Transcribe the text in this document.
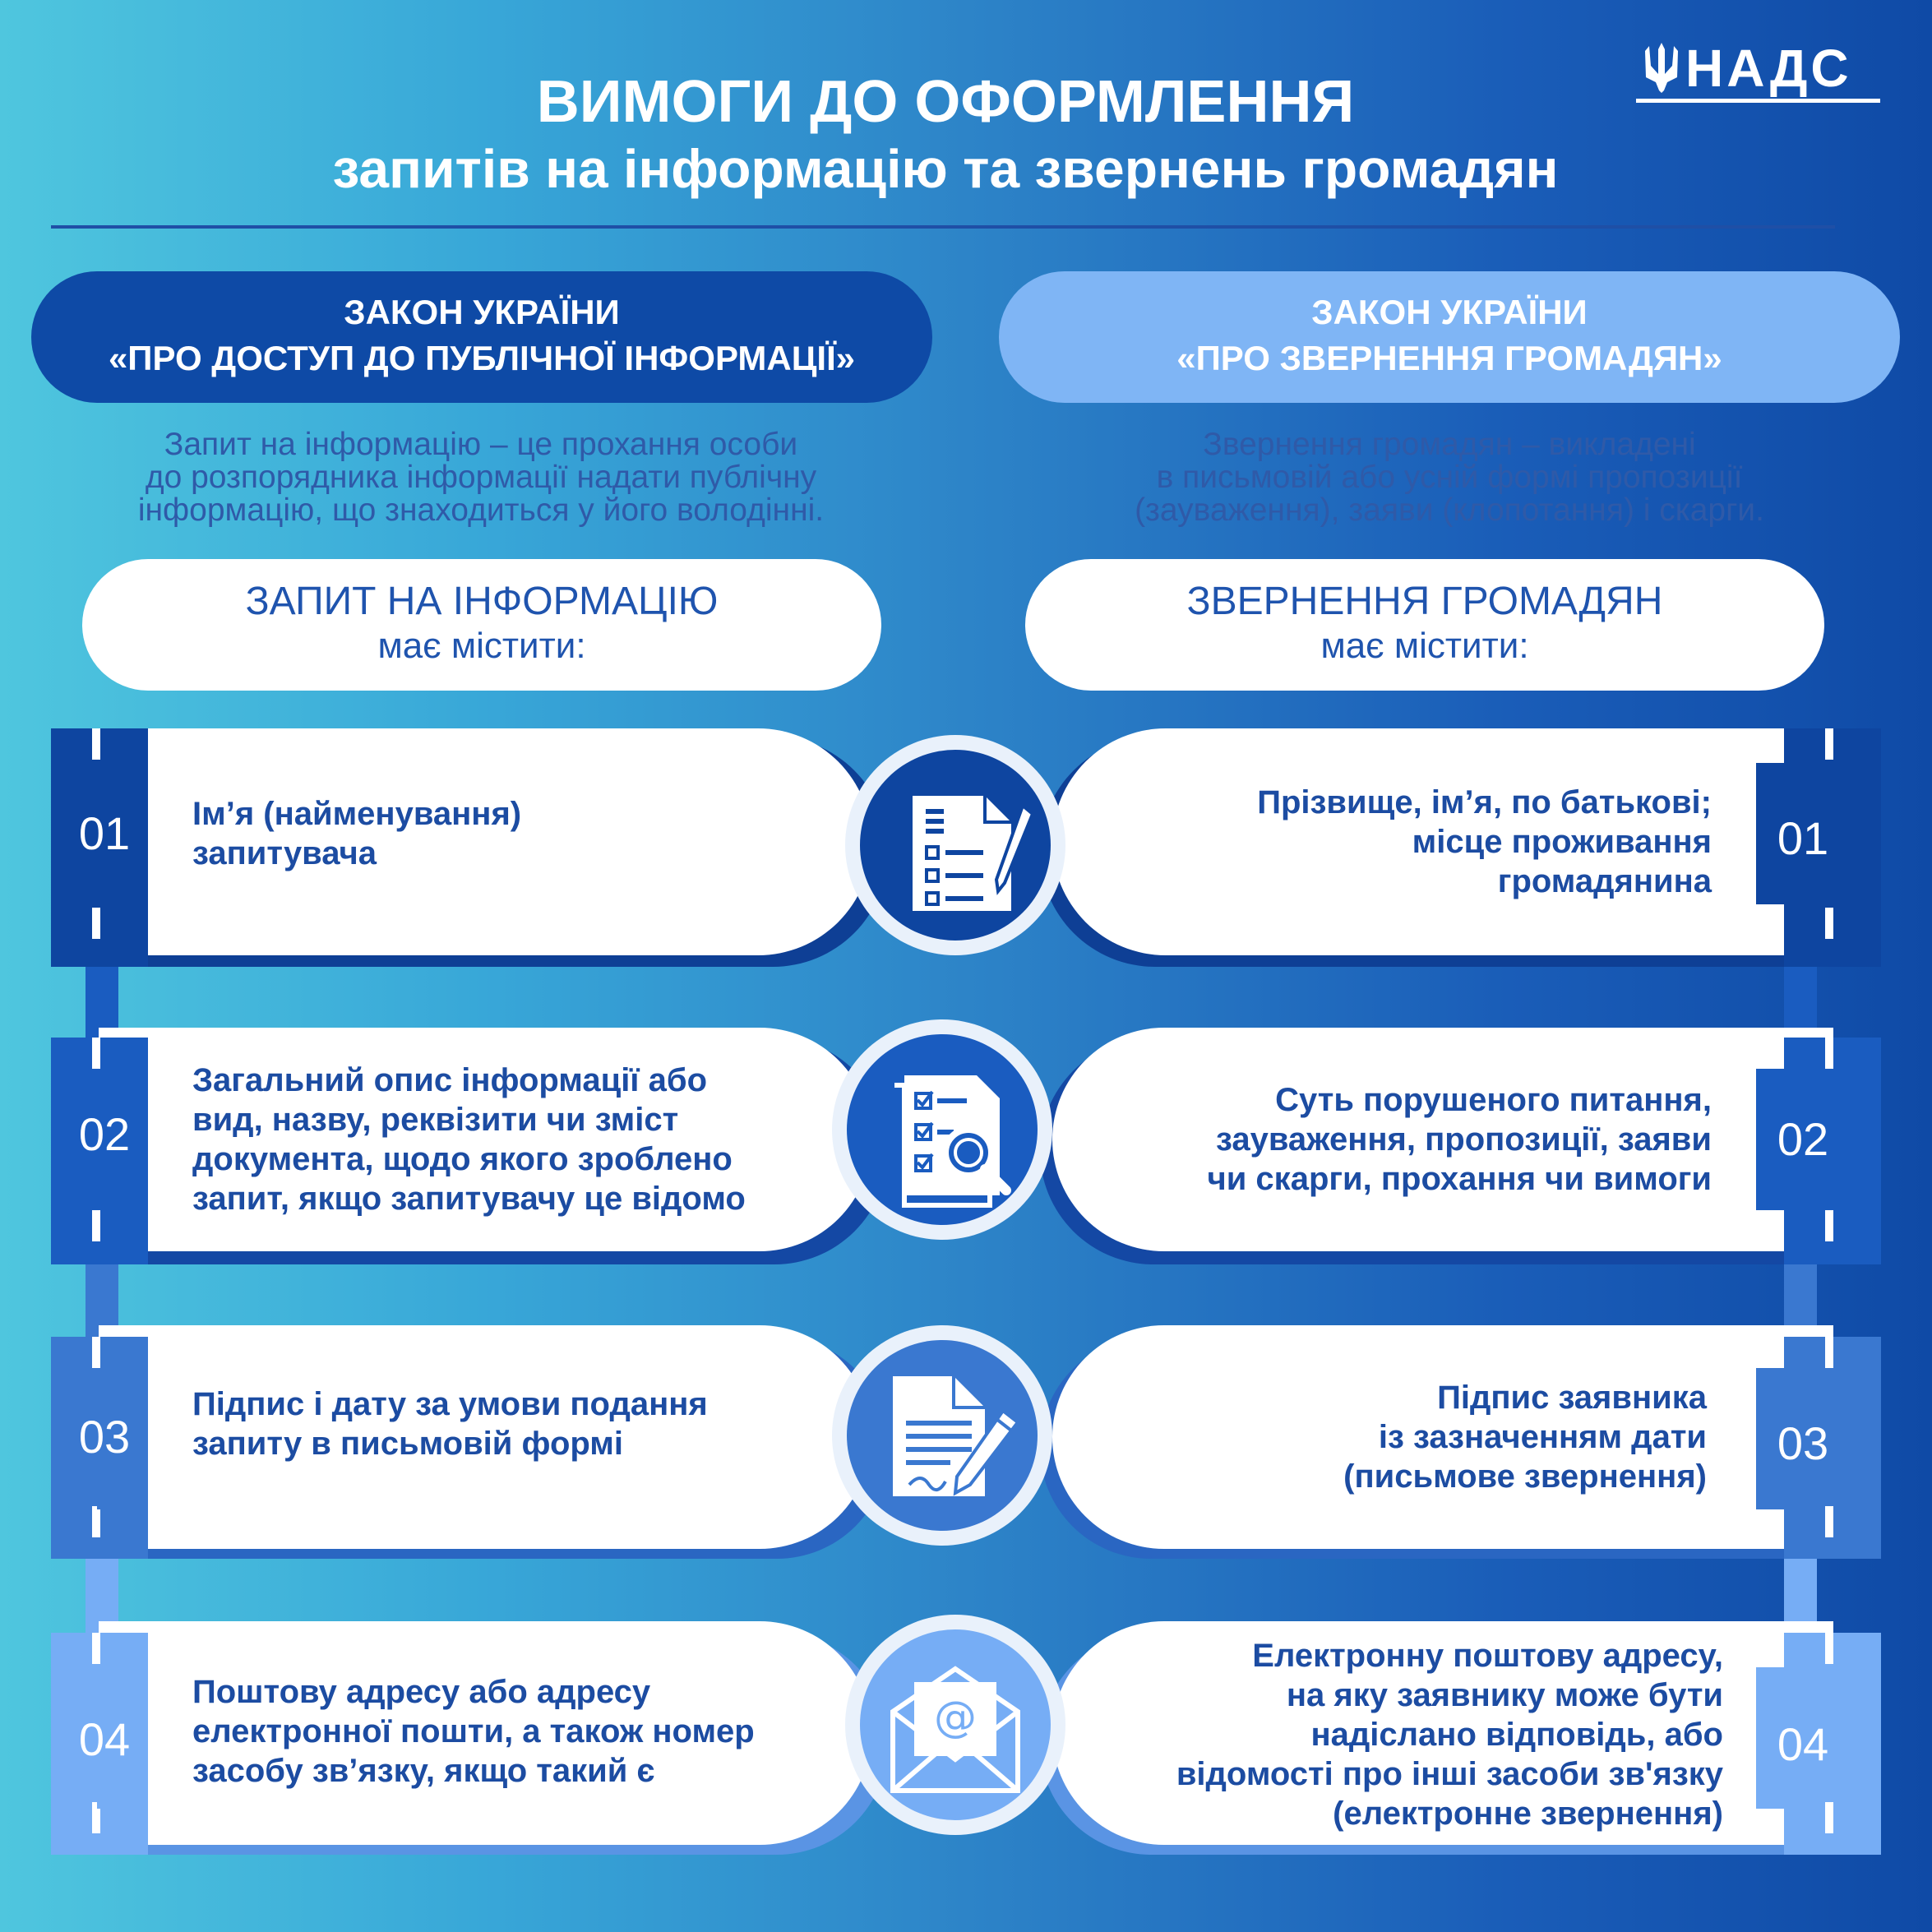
НАДС
ВИМОГИ ДО ОФОРМЛЕННЯ
запитів на інформацію та звернень громадян
ЗАКОН УКРАЇНИ
«ПРО ДОСТУП ДО ПУБЛІЧНОЇ ІНФОРМАЦІЇ»
ЗАКОН УКРАЇНИ
«ПРО ЗВЕРНЕННЯ ГРОМАДЯН»
Запит на інформацію – це прохання особи
до розпорядника інформації надати публічну
інформацію, що знаходиться у його володінні.
Звернення громадян – викладені
в письмовій або усній формі пропозиції
(зауваження), заяви (клопотання) і скарги.
ЗАПИТ НА ІНФОРМАЦІЮ
має містити:
ЗВЕРНЕННЯ ГРОМАДЯН
має містити:
01	Ім’я (найменування)
запитувача	01
Прізвище, ім’я, по батькові;
місце проживання
громадянина
02
Загальний опис інформації або
вид, назву, реквізити чи зміст
документа, щодо якого зроблено
запит, якщо запитувачу це відомо
02
Суть порушеного питання,
зауваження, пропозиції, заяви
чи скарги, прохання чи вимоги
03
Підпис і дату за умови подання
запиту в письмовій формі	03
Підпис заявника
із зазначенням дати
(письмове звернення)
04
Поштову адресу або адресу
електронної пошти, а також номер
засобу зв’язку, якщо такий є
04
Електронну поштову адресу,
на яку заявнику може бути
надіслано відповідь, або
відомості про інші засоби зв'язку
(електронне звернення)
@
